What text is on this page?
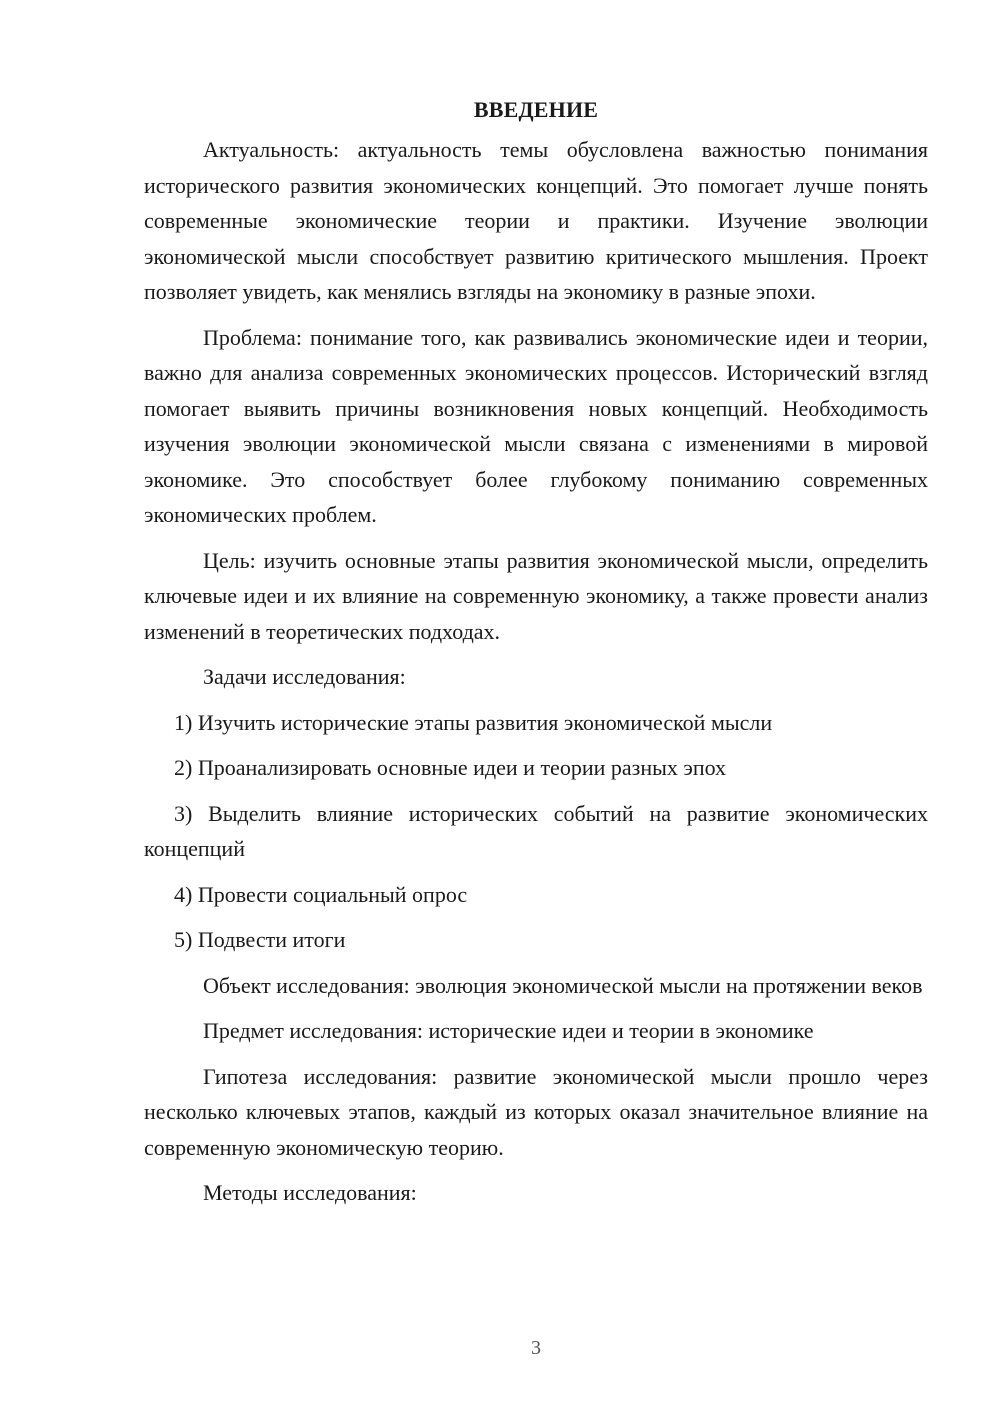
ВВЕДЕНИЕ

Актуальность: актуальность темы обусловлена важностью понимания исторического развития экономических концепций. Это помогает лучше понять современные экономические теории и практики. Изучение эволюции экономической мысли способствует развитию критического мышления. Проект позволяет увидеть, как менялись взгляды на экономику в разные эпохи.

Проблема: понимание того, как развивались экономические идеи и теории, важно для анализа современных экономических процессов. Исторический взгляд помогает выявить причины возникновения новых концепций. Необходимость изучения эволюции экономической мысли связана с изменениями в мировой экономике. Это способствует более глубокому пониманию современных экономических проблем.

Цель: изучить основные этапы развития экономической мысли, определить ключевые идеи и их влияние на современную экономику, а также провести анализ изменений в теоретических подходах.

Задачи исследования:

1) Изучить исторические этапы развития экономической мысли

2) Проанализировать основные идеи и теории разных эпох

3) Выделить влияние исторических событий на развитие экономических концепций

4) Провести социальный опрос

5) Подвести итоги

Объект исследования: эволюция экономической мысли на протяжении веков

Предмет исследования: исторические идеи и теории в экономике

Гипотеза исследования: развитие экономической мысли прошло через несколько ключевых этапов, каждый из которых оказал значительное влияние на современную экономическую теорию.

Методы исследования:

3
